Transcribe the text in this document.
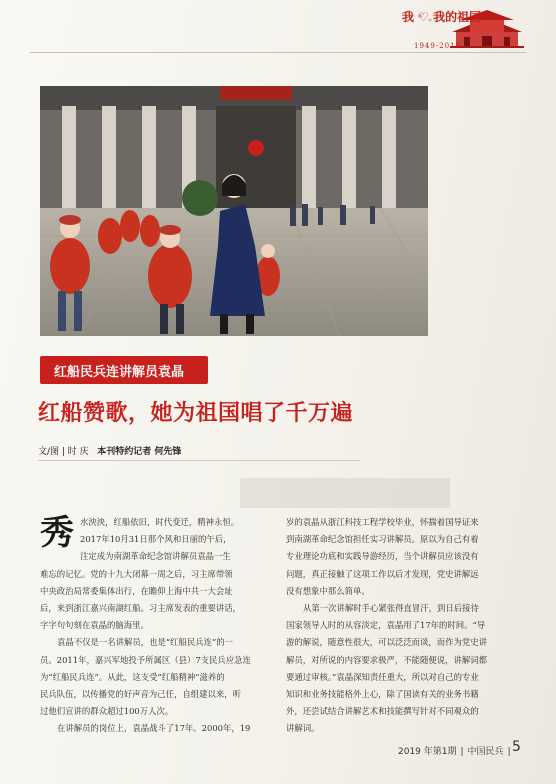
我 ♡ 我的祖国
1949-2019
红船民兵连讲解员袁晶
红船赞歌，她为祖国唱了千万遍
文/图 | 时 庆 本刊特约记者 何先锋
秀 水泱泱，红船依旧，时代变迁，精神永恒。

2017年10月31日那个风和日丽的午后，

注定成为南湖革命纪念馆讲解员袁晶一生

难忘的记忆。党的十九大闭幕一周之后，习主席带领

中央政治局常委集体出行，在瞻仰上海中共一大会址

后，来到浙江嘉兴南湖红船。习主席发表的重要讲话，

字字句句刻在袁晶的脑海里。

袁晶不仅是一名讲解员，也是“红船民兵连”的一

员。2011年，嘉兴军地投予所属区（县）7支民兵应急连

为“红船民兵连”。从此，这支受“红船精神”滋养的

民兵队伍，以传播党的好声音为己任，自组建以来，听

过他们宣讲的群众超过100万人次。

在讲解员的岗位上，袁晶战斗了17年。2000年，19

岁的袁晶从浙江科技工程学校毕业，怀揣着国导证来

到南湖革命纪念馆担任实习讲解员。原以为自己有着

专业理论功底和实践导游经历，当个讲解员应该没有

问题，真正接触了这项工作以后才发现，党史讲解远

没有想象中那么简单。

从第一次讲解时手心紧张得直冒汗，到日后接待

国家领导人时的从容淡定，袁晶用了17年的时间。“导

游的解说，随意性很大，可以泛泛而谈，而作为党史讲

解员，对所说的内容要求极严，不能随便说，讲解词都

要通过审核。”袁晶深知责任重大，所以对自己的专业

知识和业务技能格外上心，除了国读有关的业务书籍

外，还尝试结合讲解艺术和技能撰写针对不同观众的

讲解词。

2019 年第1期 | 中国民兵 | 5
